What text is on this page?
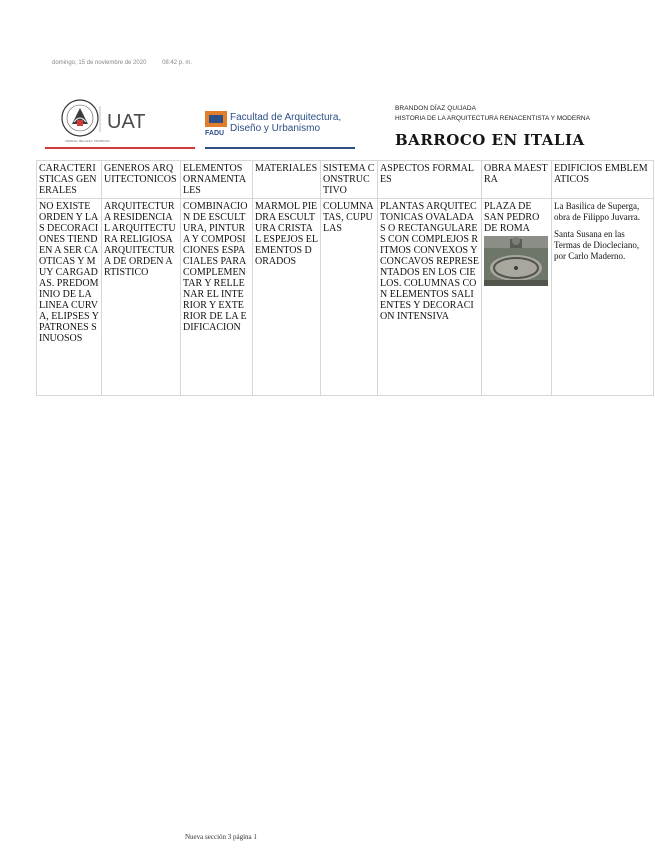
domingo, 15 de noviembre de 2020	08:42 p. m.
UAT
VERDAD, BELLEZA, PROBIDAD
FADU
Facultad de Arquitectura,
Diseño y Urbanismo
BRANDON DÍAZ QUIJADA
HISTORIA DE LA ARQUITECTURA RENACENTISTA Y MODERNA
BARROCO EN ITALIA
CARACTERISTICAS GENERALES	GENEROS ARQUITECTONICOS	ELEMENTOS ORNAMENTALES	MATERIALES	SISTEMA CONSTRUCTIVO	ASPECTOS FORMALES	OBRA MAESTRA	EDIFICIOS EMBLEMATICOS
NO EXISTE ORDEN Y LAS DECORACIONES TIENDEN A SER CAOTICAS Y MUY CARGADAS. PREDOMINIO DE LA LINEA CURVA, ELIPSES Y PATRONES SINUOSOS	ARQUITECTURA RESIDENCIAL ARQUITECTURA RELIGIOSA ARQUITECTURA DE ORDEN ARTISTICO	COMBINACION DE ESCULTURA, PINTURA Y COMPOSICIONES ESPACIALES PARA COMPLEMENTAR Y RELLENAR EL INTERIOR Y EXTERIOR DE LA EDIFICACION	MARMOL PIEDRA ESCULTURA CRISTAL ESPEJOS ELEMENTOS DORADOS	COLUMNATAS, CUPULAS	PLANTAS ARQUITECTONICAS OVALADAS O RECTANGULARES CON COMPLEJOS RITMOS CONVEXOS Y CONCAVOS REPRESENTADOS EN LOS CIELOS. COLUMNAS CON ELEMENTOS SALIENTES Y DECORACION INTENSIVA	PLAZA DE SAN PEDRO DE ROMA	La Basilica de Superga, obra de Filippo Juvarra.

Santa Susana en las Termas de Diocleciano, por Carlo Maderno.

Nueva sección 3 página 1
